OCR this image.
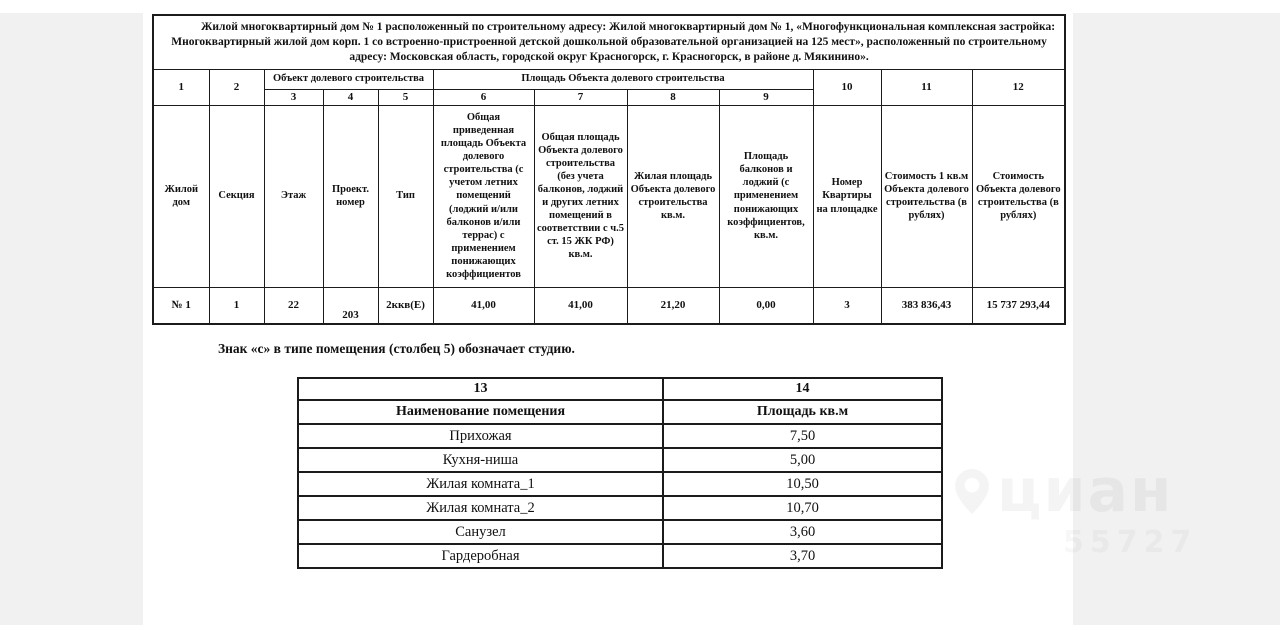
Жилой многоквартирный дом № 1 расположенный по строительному адресу: Жилой многоквартирный дом № 1, «Многофункциональная комплексная застройка: Многоквартирный жилой дом корп. 1 со встроенно-пристроенной детской дошкольной образовательной организацией на 125 мест», расположенный по строительному адресу: Московская область, городской округ Красногорск, г. Красногорск, в районе д. Мякинино».											
1	2	Объект долевого строительства			Площадь Объекта долевого строительства				10	11	12
		3	4	5	6	7	8	9			
Жилой дом	Секция	Этаж	Проект. номер	Тип	Общая приведенная площадь Объекта долевого строительства (с учетом летних помещений (лоджий и/или балконов и/или террас) с применением понижающих коэффициентов	Общая площадь Объекта долевого строительства (без учета балконов, лоджий и других летних помещений в соответствии с ч.5 ст. 15 ЖК РФ) кв.м.	Жилая площадь Объекта долевого строительства кв.м.	Площадь балконов и лоджий (с применением понижающих коэффициентов, кв.м.	Номер Квартиры на площадке	Стоимость 1 кв.м Объекта долевого строительства (в рублях)	Стоимость Объекта долевого строительства (в рублях)
№ 1	1	22	203	2ккв(Е)	41,00	41,00	21,20	0,00	3	383 836,43	15 737 293,44
Знак «с» в типе помещения (столбец 5) обозначает студию.
13	14
Наименование помещения	Площадь кв.м
Прихожая	7,50
Кухня-ниша	5,00
Жилая комната_1	10,50
Жилая комната_2	10,70
Санузел	3,60
Гардеробная	3,70
